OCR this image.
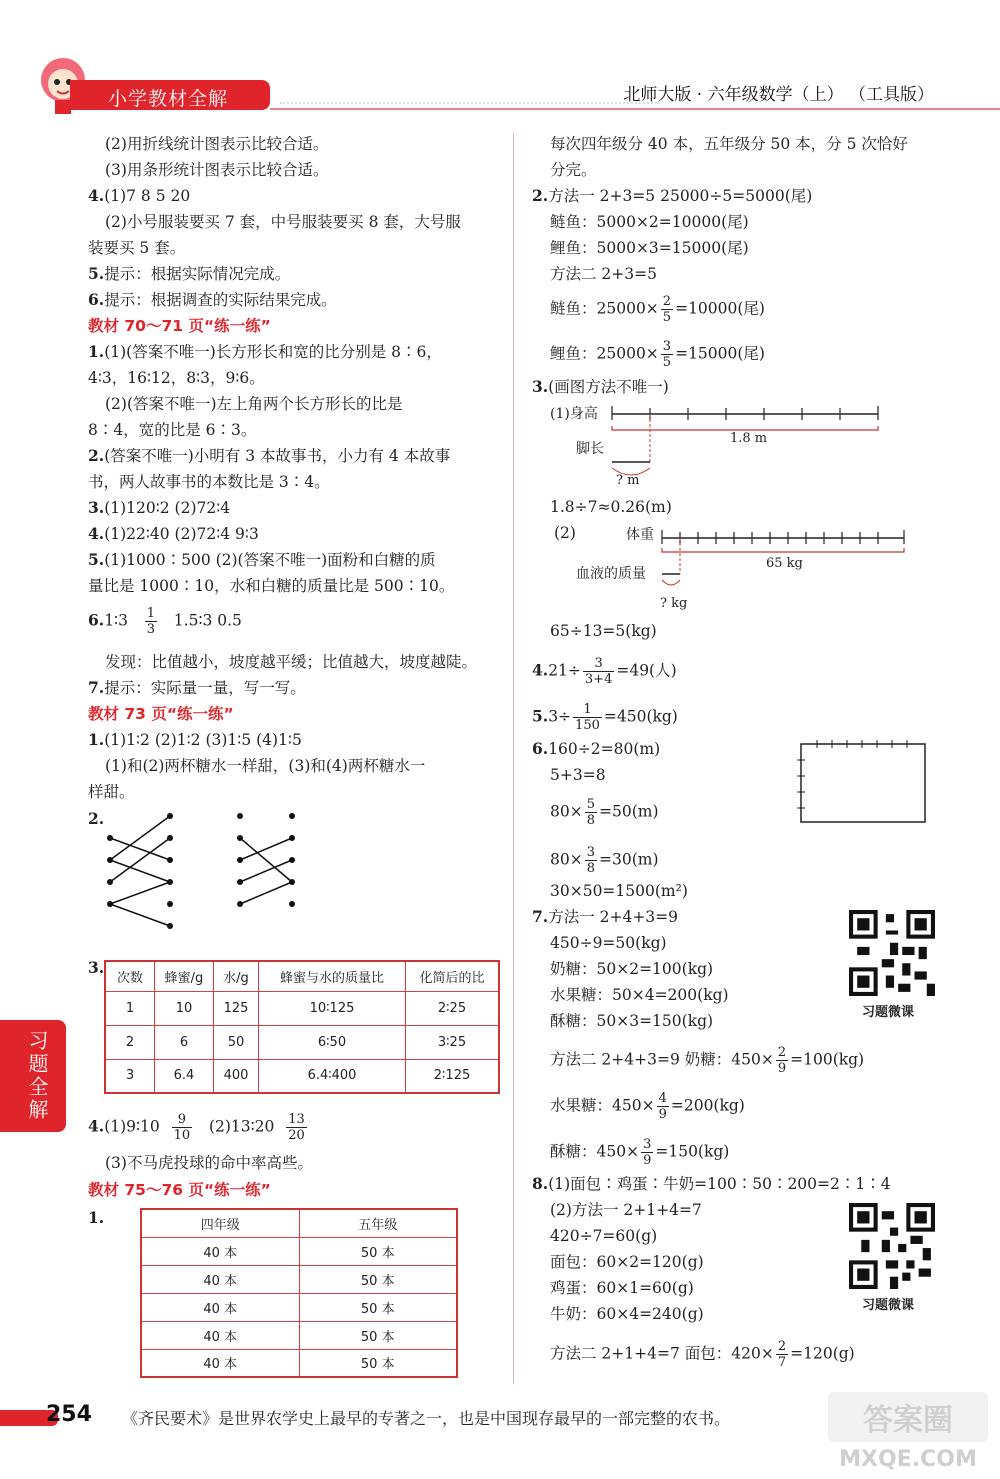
小学教材全解	北师大版 · 六年级数学（上） （工具版）
习题全解
(2)用折线统计图表示比较合适。
(3)用条形统计图表示比较合适。
4.(1)7 8 5 20
(2)小号服装要买 7 套，中号服装要买 8 套，大号服
装要买 5 套。
5.提示：根据实际情况完成。
6.提示：根据调查的实际结果完成。
教材 70～71 页“练一练”
1.(1)(答案不唯一)长方形长和宽的比分别是 8∶6，
4∶3，16∶12，8∶3，9∶6。
(2)(答案不唯一)左上角两个长方形长的比是
8∶4，宽的比是 6∶3。
2.(答案不唯一)小明有 3 本故事书，小力有 4 本故事
书，两人故事书的本数比是 3∶4。
3.(1)120∶2 (2)72∶4
4.(1)22∶40 (2)72∶4 9∶3
5.(1)1000∶500 (2)(答案不唯一)面粉和白糖的质
量比是 1000∶10，水和白糖的质量比是 500∶10。
6.1∶3 $\frac{1}{3}$ 1.5∶3 0.5
发现：比值越小，坡度越平缓；比值越大，坡度越陡。
7.提示：实际量一量，写一写。
教材 73 页“练一练”
1.(1)1∶2 (2)1∶2 (3)1∶5 (4)1∶5
(1)和(2)两杯糖水一样甜，(3)和(4)两杯糖水一
样甜。
2.
3.
次数	蜂蜜/g	水/g	蜂蜜与水的质量比	化简后的比
1	10	125	10∶125	2∶25
2	6	50	6∶50	3∶25
3	6.4	400	6.4∶400	2∶125
4.(1)9∶10 $\frac{9}{10}$ (2)13∶20 $\frac{13}{20}$
(3)不马虎投球的命中率高些。
教材 75～76 页“练一练”
1.	四年级	五年级
40 本	50 本
40 本	50 本
40 本	50 本
40 本	50 本
40 本	50 本
每次四年级分 40 本，五年级分 50 本，分 5 次恰好
分完。
2.方法一 2+3=5 25000÷5=5000(尾)
鲢鱼：5000×2=10000(尾)
鲤鱼：5000×3=15000(尾)
方法二 2+3=5
鲢鱼：$25000\times \frac{2}{5} =10000$(尾)
鲤鱼：$25000\times \frac{3}{5} =15000$(尾)
3.(画图方法不唯一)
(1)身高
1.8 m
脚长
? m
1.8÷7≈0.26(m)
(2)	体重
65 kg
血液的质量
? kg
65÷13=5(kg)
$4.21\div \frac{3}{3+4} =49$(人)
$5.3\div \frac{1}{150} =450(kg)$
6.160÷2=80(m)
5+3=8
$80\times \frac{5}{8} =50(m)$
$80\times \frac{3}{8} =30(m)$
30×50=1500(m²)
7.方法一 2+4+3=9
450÷9=50(kg)
奶糖：50×2=100(kg)
水果糖：50×4=200(kg)
酥糖：50×3=150(kg)	习题微课
方法二 2+4+3=9 奶糖：$450\times \frac{2}{9} =100(kg)$
水果糖：$450\times \frac{4}{9} =200(kg)$
酥糖：$450\times \frac{3}{9} =150(kg)$
8.(1)面包∶鸡蛋∶牛奶=100∶50∶200=2∶1∶4
(2)方法一 2+1+4=7
420÷7=60(g)
面包：60×2=120(g)
鸡蛋：60×1=60(g)
牛奶：60×4=240(g)	习题微课
方法二 2+1+4=7 面包：$420\times \frac{2}{7} =120(g)$
254 《齐民要术》是世界农学史上最早的专著之一，也是中国现存最早的一部完整的农书。	答案圈
MXQE.COM
